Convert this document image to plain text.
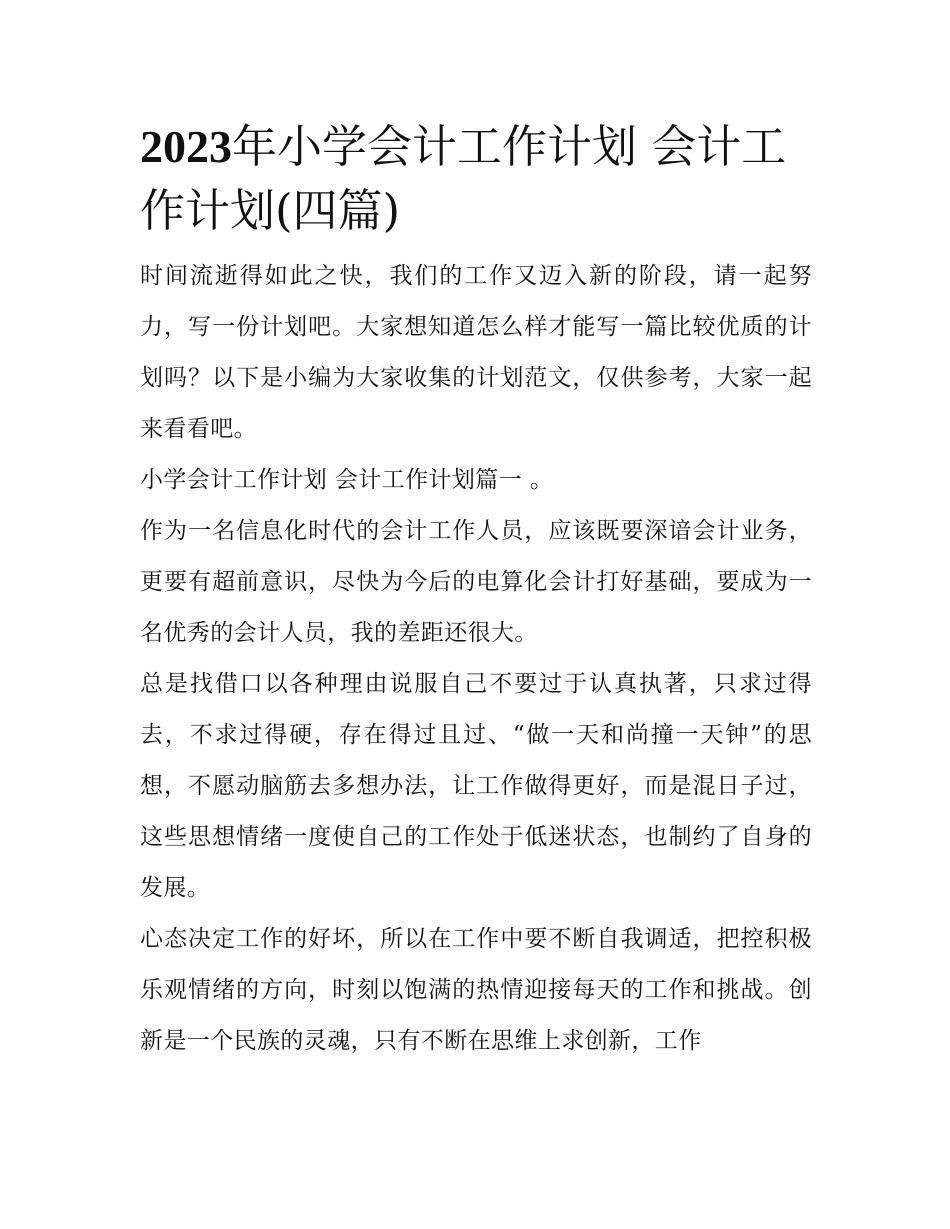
2023年小学会计工作计划 会计工作计划(四篇)

时间流逝得如此之快，我们的工作又迈入新的阶段，请一起努力，写一份计划吧。大家想知道怎么样才能写一篇比较优质的计划吗？以下是小编为大家收集的计划范文，仅供参考，大家一起来看看吧。

小学会计工作计划 会计工作计划篇一 。

作为一名信息化时代的会计工作人员，应该既要深谙会计业务，更要有超前意识，尽快为今后的电算化会计打好基础，要成为一名优秀的会计人员，我的差距还很大。

总是找借口以各种理由说服自己不要过于认真执著，只求过得去，不求过得硬，存在得过且过、“做一天和尚撞一天钟”的思想，不愿动脑筋去多想办法，让工作做得更好，而是混日子过，这些思想情绪一度使自己的工作处于低迷状态，也制约了自身的发展。

心态决定工作的好坏，所以在工作中要不断自我调适，把控积极乐观情绪的方向，时刻以饱满的热情迎接每天的工作和挑战。创新是一个民族的灵魂，只有不断在思维上求创新，工作
